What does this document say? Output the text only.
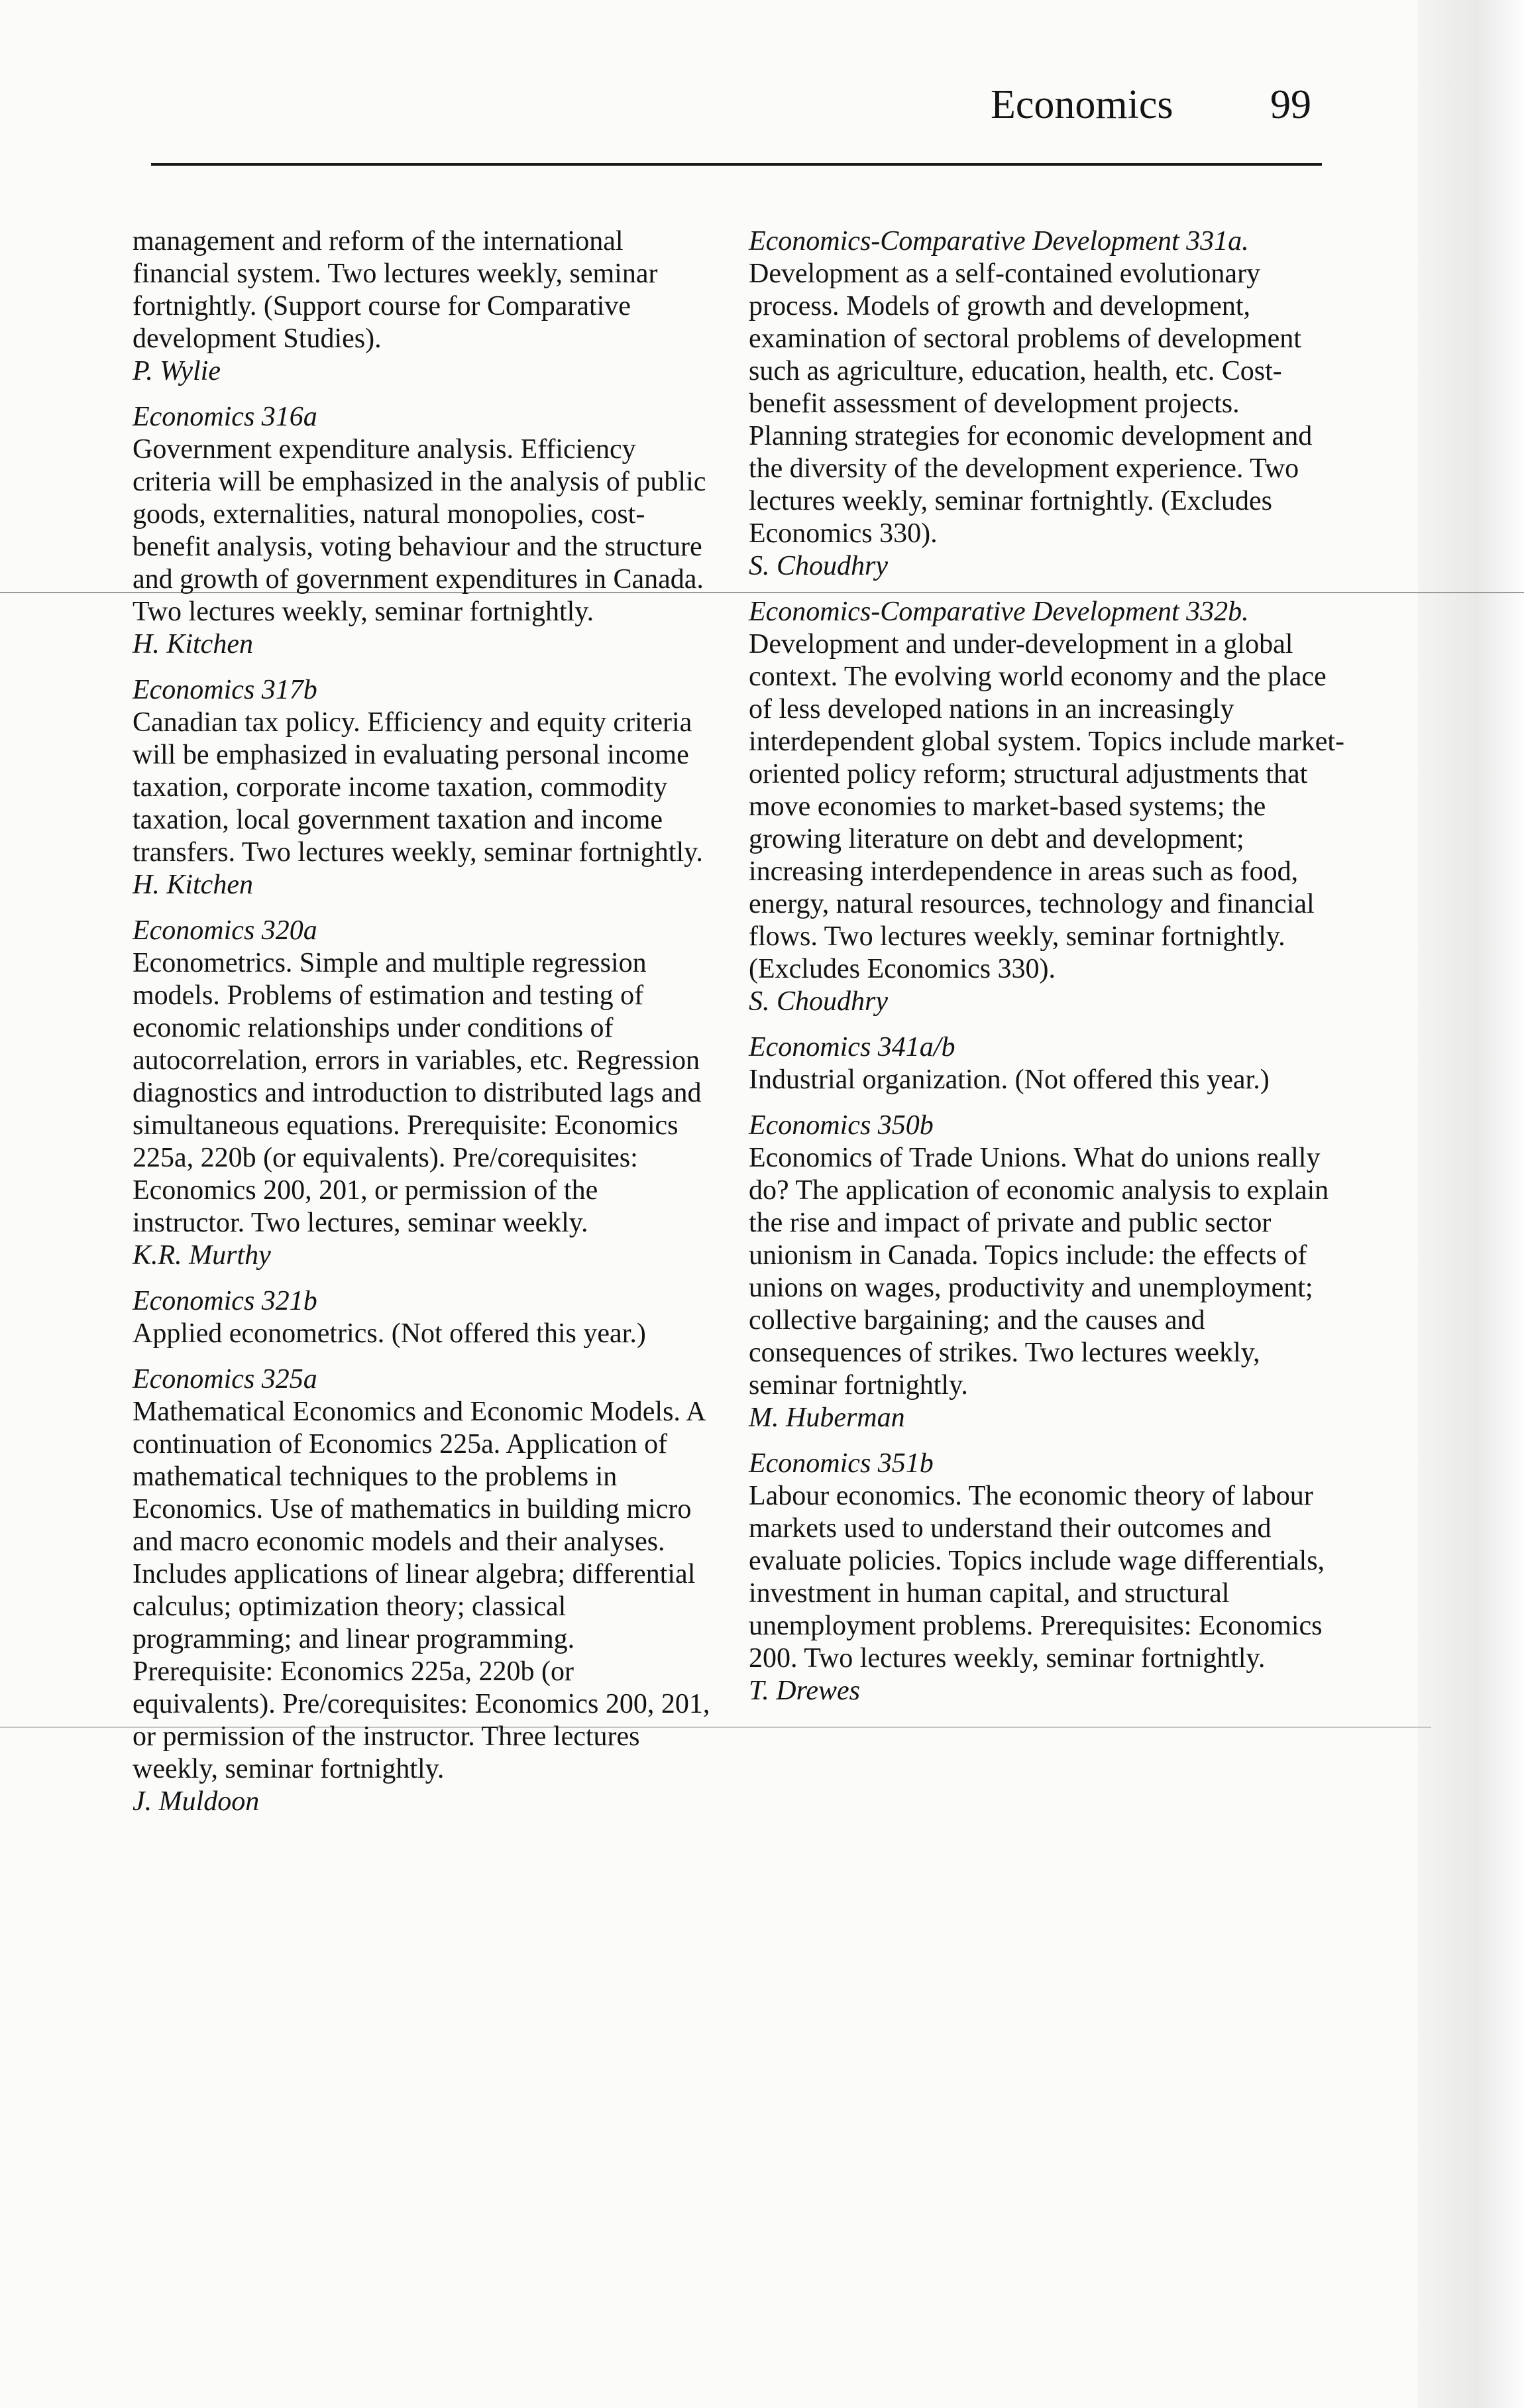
Economics 99
management and reform of the international financial system. Two lectures weekly, seminar fortnightly. (Support course for Comparative development Studies).
P. Wylie
Economics 316a
Government expenditure analysis. Efficiency criteria will be emphasized in the analysis of public goods, externalities, natural monopolies, cost-benefit analysis, voting behaviour and the structure and growth of government expenditures in Canada. Two lectures weekly, seminar fortnightly.
H. Kitchen
Economics 317b
Canadian tax policy. Efficiency and equity criteria will be emphasized in evaluating personal income taxation, corporate income taxation, commodity taxation, local government taxation and income transfers. Two lectures weekly, seminar fortnightly.
H. Kitchen
Economics 320a
Econometrics. Simple and multiple regression models. Problems of estimation and testing of economic relationships under conditions of autocorrelation, errors in variables, etc. Regression diagnostics and introduction to distributed lags and simultaneous equations. Prerequisite: Economics 225a, 220b (or equivalents). Pre/corequisites: Economics 200, 201, or permission of the instructor. Two lectures, seminar weekly.
K.R. Murthy
Economics 321b
Applied econometrics. (Not offered this year.)
Economics 325a
Mathematical Economics and Economic Models. A continuation of Economics 225a. Application of mathematical techniques to the problems in Economics. Use of mathematics in building micro and macro economic models and their analyses. Includes applications of linear algebra; differential calculus; optimization theory; classical programming; and linear programming. Prerequisite: Economics 225a, 220b (or equivalents). Pre/corequisites: Economics 200, 201, or permission of the instructor. Three lectures weekly, seminar fortnightly.
J. Muldoon
Economics-Comparative Development 331a.
Development as a self-contained evolutionary process. Models of growth and development, examination of sectoral problems of development such as agriculture, education, health, etc. Cost-benefit assessment of development projects. Planning strategies for economic development and the diversity of the development experience. Two lectures weekly, seminar fortnightly. (Excludes Economics 330).
S. Choudhry
Economics-Comparative Development 332b.
Development and under-development in a global context. The evolving world economy and the place of less developed nations in an increasingly interdependent global system. Topics include market-oriented policy reform; structural adjustments that move economies to market-based systems; the growing literature on debt and development; increasing interdependence in areas such as food, energy, natural resources, technology and financial flows. Two lectures weekly, seminar fortnightly. (Excludes Economics 330).
S. Choudhry
Economics 341a/b
Industrial organization. (Not offered this year.)
Economics 350b
Economics of Trade Unions. What do unions really do? The application of economic analysis to explain the rise and impact of private and public sector unionism in Canada. Topics include: the effects of unions on wages, productivity and unemployment; collective bargaining; and the causes and consequences of strikes. Two lectures weekly, seminar fortnightly.
M. Huberman
Economics 351b
Labour economics. The economic theory of labour markets used to understand their outcomes and evaluate policies. Topics include wage differentials, investment in human capital, and structural unemployment problems. Prerequisites: Economics 200. Two lectures weekly, seminar fortnightly.
T. Drewes
